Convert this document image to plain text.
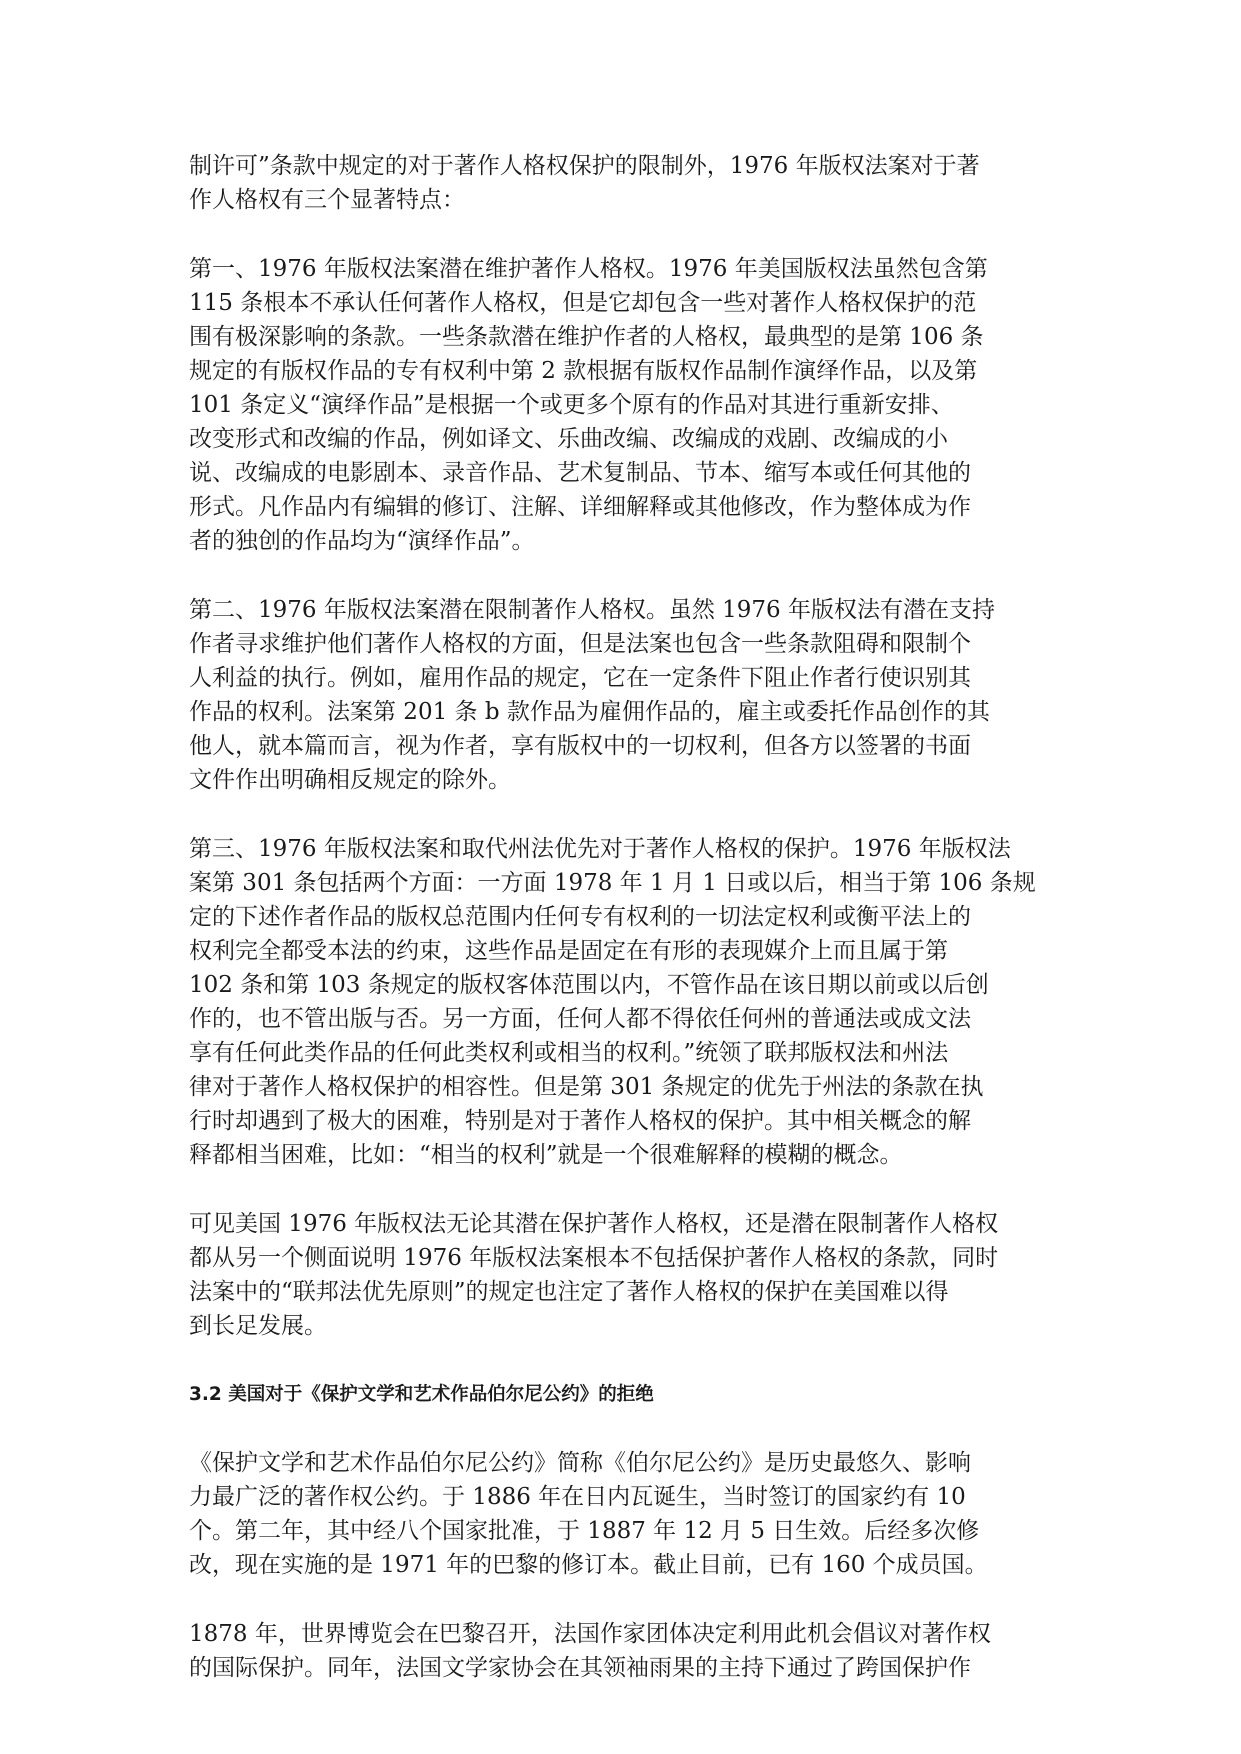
制许可”条款中规定的对于著作人格权保护的限制外，1976 年版权法案对于著
作人格权有三个显著特点：
第一、1976 年版权法案潜在维护著作人格权。1976 年美国版权法虽然包含第
115 条根本不承认任何著作人格权，但是它却包含一些对著作人格权保护的范
围有极深影响的条款。一些条款潜在维护作者的人格权，最典型的是第 106 条
规定的有版权作品的专有权利中第 2 款根据有版权作品制作演绎作品，以及第
101 条定义“演绎作品”是根据一个或更多个原有的作品对其进行重新安排、
改变形式和改编的作品，例如译文、乐曲改编、改编成的戏剧、改编成的小
说、改编成的电影剧本、录音作品、艺术复制品、节本、缩写本或任何其他的
形式。凡作品内有编辑的修订、注解、详细解释或其他修改，作为整体成为作
者的独创的作品均为“演绎作品”。
第二、1976 年版权法案潜在限制著作人格权。虽然 1976 年版权法有潜在支持
作者寻求维护他们著作人格权的方面，但是法案也包含一些条款阻碍和限制个
人利益的执行。例如，雇用作品的规定，它在一定条件下阻止作者行使识别其
作品的权利。法案第 201 条 b 款作品为雇佣作品的，雇主或委托作品创作的其
他人，就本篇而言，视为作者，享有版权中的一切权利，但各方以签署的书面
文件作出明确相反规定的除外。
第三、1976 年版权法案和取代州法优先对于著作人格权的保护。1976 年版权法
案第 301 条包括两个方面：一方面 1978 年 1 月 1 日或以后，相当于第 106 条规
定的下述作者作品的版权总范围内任何专有权利的一切法定权利或衡平法上的
权利完全都受本法的约束，这些作品是固定在有形的表现媒介上而且属于第
102 条和第 103 条规定的版权客体范围以内，不管作品在该日期以前或以后创
作的，也不管出版与否。另一方面，任何人都不得依任何州的普通法或成文法
享有任何此类作品的任何此类权利或相当的权利。”统领了联邦版权法和州法
律对于著作人格权保护的相容性。但是第 301 条规定的优先于州法的条款在执
行时却遇到了极大的困难，特别是对于著作人格权的保护。其中相关概念的解
释都相当困难，比如：“相当的权利”就是一个很难解释的模糊的概念。
可见美国 1976 年版权法无论其潜在保护著作人格权，还是潜在限制著作人格权
都从另一个侧面说明 1976 年版权法案根本不包括保护著作人格权的条款，同时
法案中的“联邦法优先原则”的规定也注定了著作人格权的保护在美国难以得
到长足发展。
3.2 美国对于《保护文学和艺术作品伯尔尼公约》的拒绝
《保护文学和艺术作品伯尔尼公约》简称《伯尔尼公约》是历史最悠久、影响
力最广泛的著作权公约。于 1886 年在日内瓦诞生，当时签订的国家约有 10
个。第二年，其中经八个国家批准，于 1887 年 12 月 5 日生效。后经多次修
改，现在实施的是 1971 年的巴黎的修订本。截止目前，已有 160 个成员国。
1878 年，世界博览会在巴黎召开，法国作家团体决定利用此机会倡议对著作权
的国际保护。同年，法国文学家协会在其领袖雨果的主持下通过了跨国保护作
